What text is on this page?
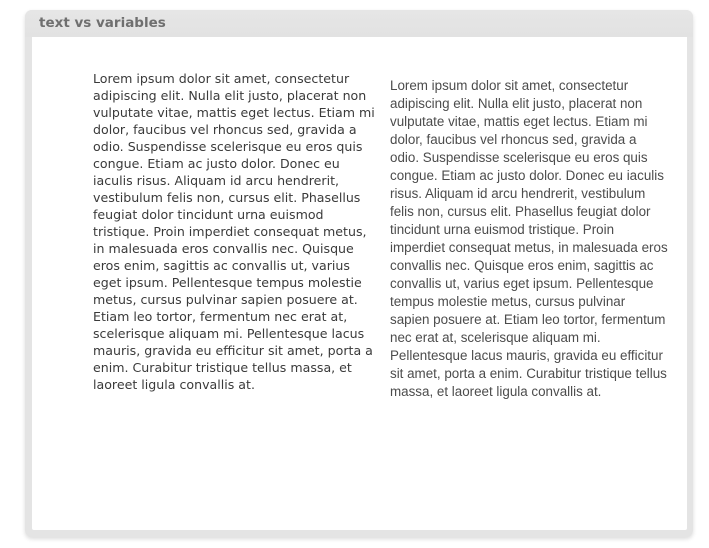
text vs variables
Lorem ipsum dolor sit amet, consectetur adipiscing elit. Nulla elit justo, placerat non vulputate vitae, mattis eget lectus. Etiam mi dolor, faucibus vel rhoncus sed, gravida a odio. Suspendisse scelerisque eu eros quis congue. Etiam ac justo dolor. Donec eu iaculis risus. Aliquam id arcu hendrerit, vestibulum felis non, cursus elit. Phasellus feugiat dolor tincidunt urna euismod tristique. Proin imperdiet consequat metus, in malesuada eros convallis nec. Quisque eros enim, sagittis ac convallis ut, varius eget ipsum. Pellentesque tempus molestie metus, cursus pulvinar sapien posuere at. Etiam leo tortor, fermentum nec erat at, scelerisque aliquam mi. Pellentesque lacus mauris, gravida eu efficitur sit amet, porta a enim. Curabitur tristique tellus massa, et laoreet ligula convallis at.
Lorem ipsum dolor sit amet, consectetur adipiscing elit. Nulla elit justo, placerat non vulputate vitae, mattis eget lectus. Etiam mi dolor, faucibus vel rhoncus sed, gravida a odio. Suspendisse scelerisque eu eros quis congue. Etiam ac justo dolor. Donec eu iaculis risus. Aliquam id arcu hendrerit, vestibulum felis non, cursus elit. Phasellus feugiat dolor tincidunt urna euismod tristique. Proin imperdiet consequat metus, in malesuada eros convallis nec. Quisque eros enim, sagittis ac convallis ut, varius eget ipsum. Pellentesque tempus molestie metus, cursus pulvinar sapien posuere at. Etiam leo tortor, fermentum nec erat at, scelerisque aliquam mi. Pellentesque lacus mauris, gravida eu efficitur sit amet, porta a enim. Curabitur tristique tellus massa, et laoreet ligula convallis at.
